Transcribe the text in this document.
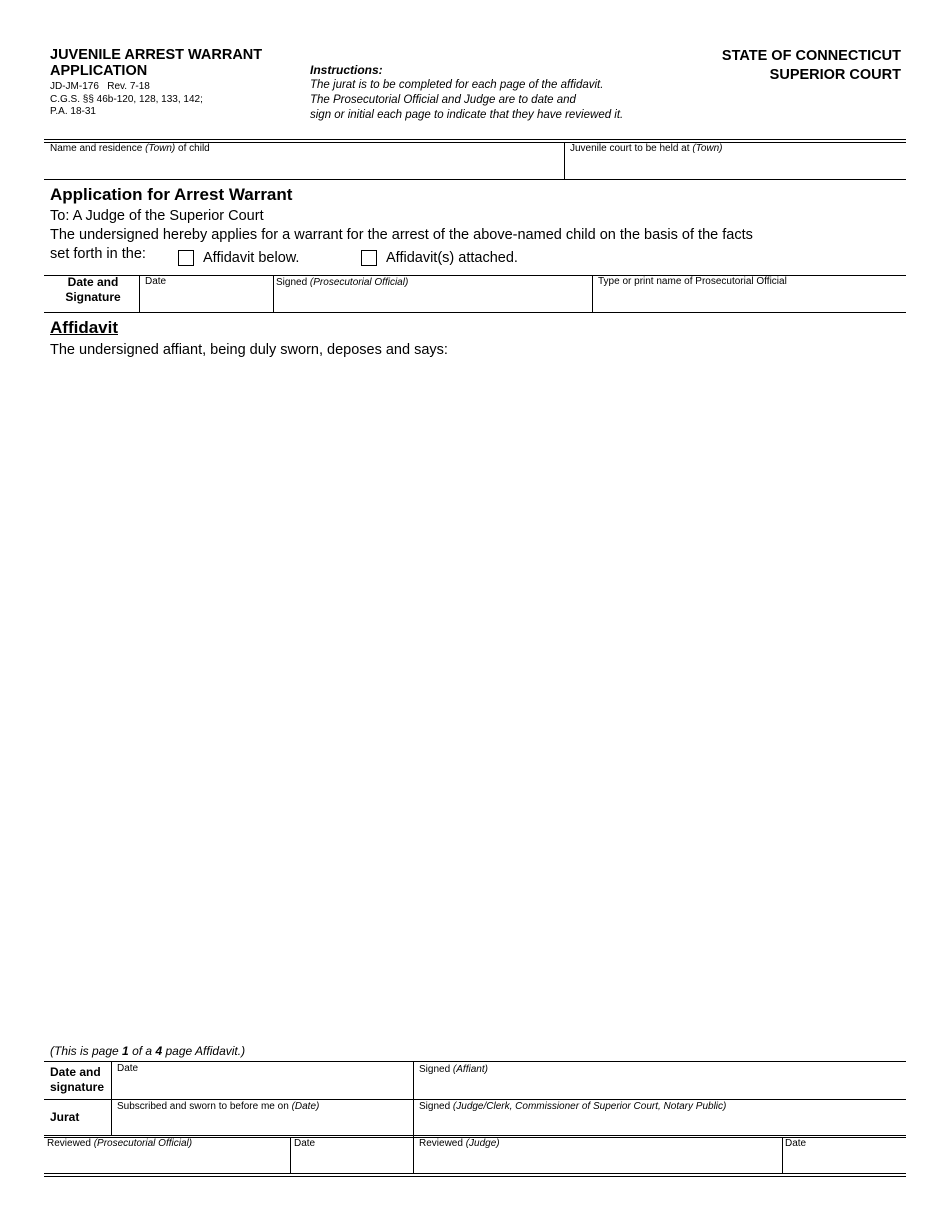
JUVENILE ARREST WARRANT
APPLICATION
JD-JM-176   Rev. 7-18
C.G.S. §§ 46b-120, 128, 133, 142;
P.A. 18-31
Instructions:
The jurat is to be completed for each page of the affidavit.
The Prosecutorial Official and Judge are to date and
sign or initial each page to indicate that they have reviewed it.
STATE OF CONNECTICUT
SUPERIOR COURT
Name and residence (Town) of child	Juvenile court to be held at (Town)
Application for Arrest Warrant
To: A Judge of the Superior Court
The undersigned hereby applies for a warrant for the arrest of the above-named child on the basis of the facts
set forth in the:	Affidavit below.	Affidavit(s) attached.
Date and
Signature
Date	Signed (Prosecutorial Official)	Type or print name of Prosecutorial Official
Affidavit
The undersigned affiant, being duly sworn, deposes and says:
(This is page 1 of a 4 page Affidavit.)
Date and
signature
Date	Signed (Affiant)
Jurat
Subscribed and sworn to before me on (Date)	Signed (Judge/Clerk, Commissioner of Superior Court, Notary Public)
Reviewed (Prosecutorial Official)	Date	Reviewed (Judge)	Date
